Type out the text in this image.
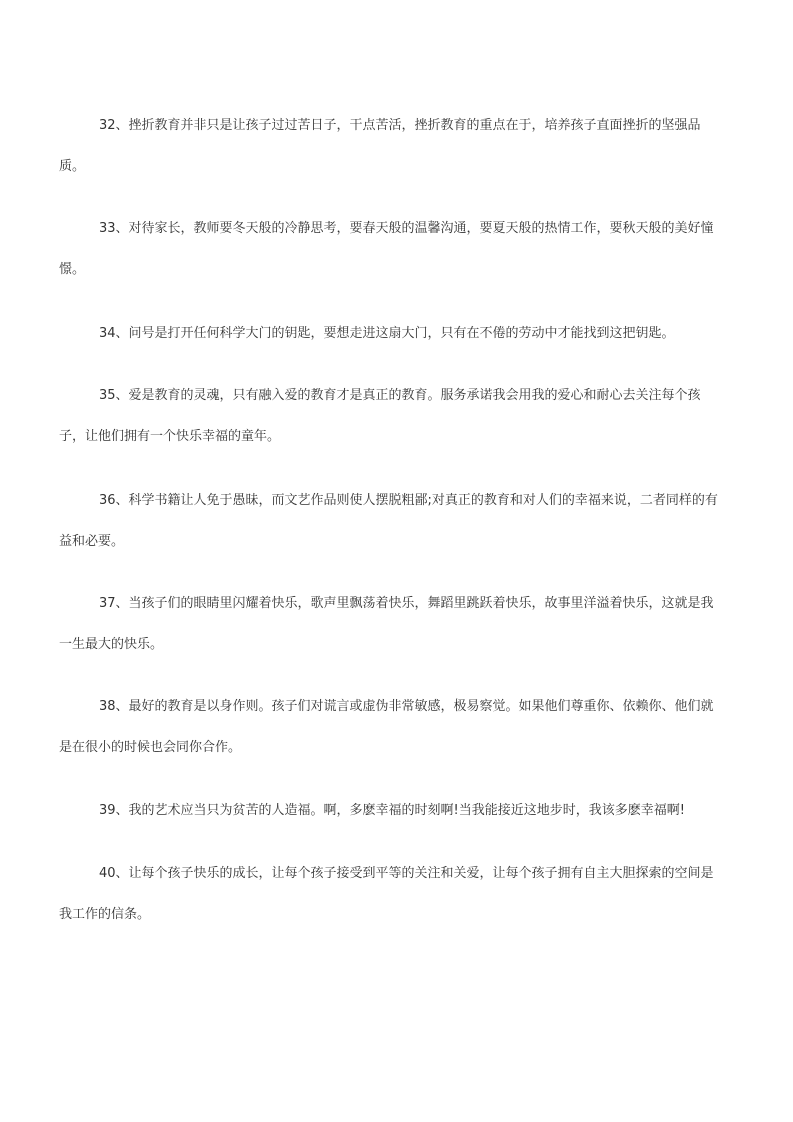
32、挫折教育并非只是让孩子过过苦日子，干点苦活，挫折教育的重点在于，培养孩子直面挫折的坚强品质。

33、对待家长，教师要冬天般的冷静思考，要春天般的温馨沟通，要夏天般的热情工作，要秋天般的美好憧憬。

34、问号是打开任何科学大门的钥匙，要想走进这扇大门，只有在不倦的劳动中才能找到这把钥匙。

35、爱是教育的灵魂，只有融入爱的教育才是真正的教育。服务承诺我会用我的爱心和耐心去关注每个孩子，让他们拥有一个快乐幸福的童年。

36、科学书籍让人免于愚昧，而文艺作品则使人摆脱粗鄙;对真正的教育和对人们的幸福来说，二者同样的有益和必要。

37、当孩子们的眼睛里闪耀着快乐，歌声里飘荡着快乐，舞蹈里跳跃着快乐，故事里洋溢着快乐，这就是我一生最大的快乐。

38、最好的教育是以身作则。孩子们对谎言或虚伪非常敏感，极易察觉。如果他们尊重你、依赖你、他们就是在很小的时候也会同你合作。

39、我的艺术应当只为贫苦的人造福。啊，多麽幸福的时刻啊!当我能接近这地步时，我该多麽幸福啊!

40、让每个孩子快乐的成长，让每个孩子接受到平等的关注和关爱，让每个孩子拥有自主大胆探索的空间是我工作的信条。
